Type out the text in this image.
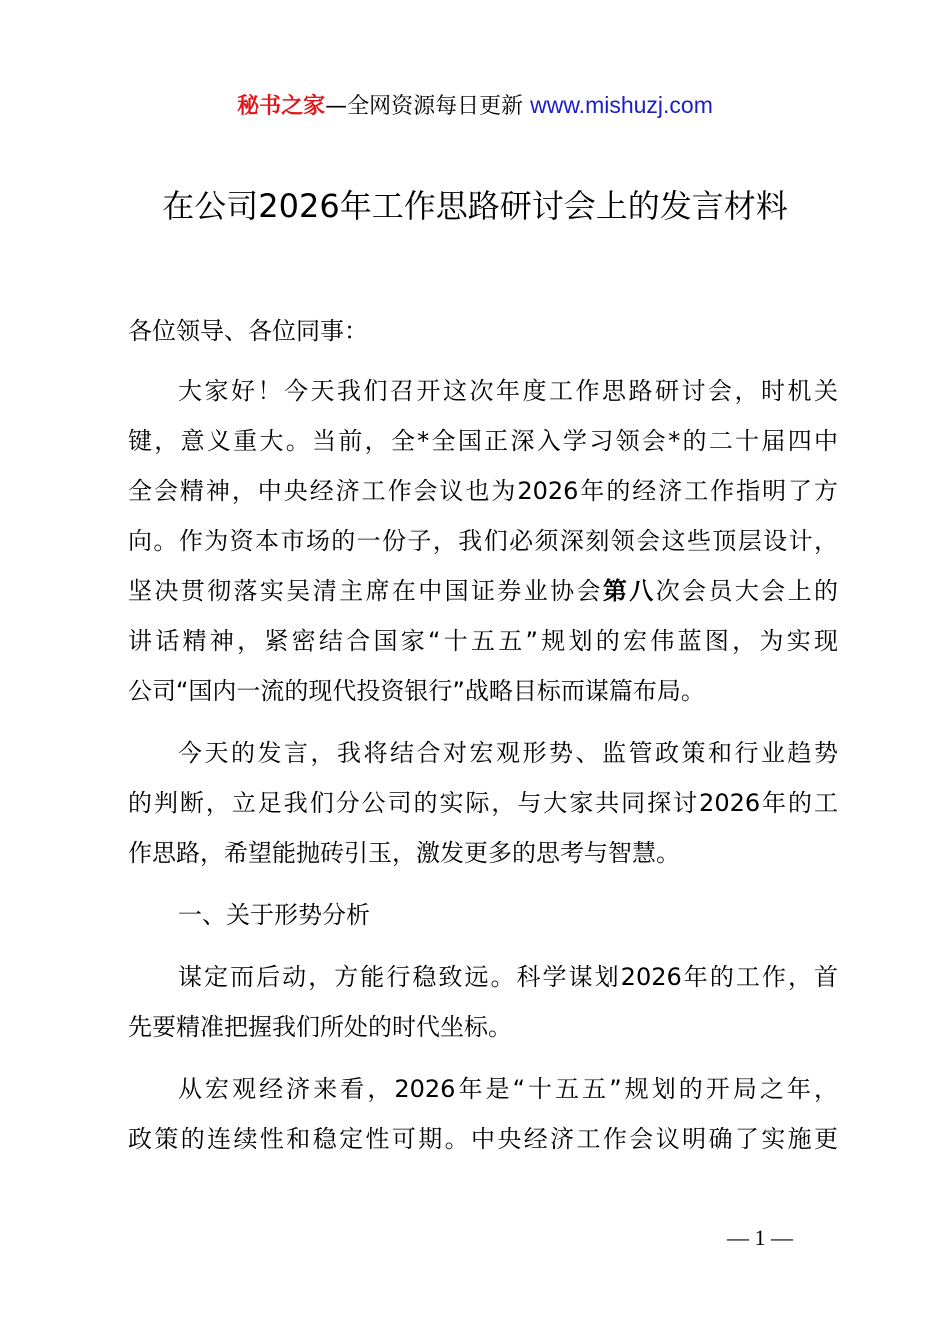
秘书之家—全网资源每日更新 www.mishuzj.com
在公司2026年工作思路研讨会上的发言材料
各位领导、各位同事：
大家好！今天我们召开这次年度工作思路研讨会，时机关
键，意义重大。当前，全*全国正深入学习领会*的二十届四中
全会精神，中央经济工作会议也为2026年的经济工作指明了方
向。作为资本市场的一份子，我们必须深刻领会这些顶层设计，
坚决贯彻落实吴清主席在中国证券业协会第八次会员大会上的
讲话精神，紧密结合国家“十五五”规划的宏伟蓝图，为实现
公司“国内一流的现代投资银行”战略目标而谋篇布局。
今天的发言，我将结合对宏观形势、监管政策和行业趋势
的判断，立足我们分公司的实际，与大家共同探讨2026年的工
作思路，希望能抛砖引玉，激发更多的思考与智慧。
一、关于形势分析
谋定而后动，方能行稳致远。科学谋划2026年的工作，首
先要精准把握我们所处的时代坐标。
从宏观经济来看，2026年是“十五五”规划的开局之年，
政策的连续性和稳定性可期。中央经济工作会议明确了实施更
— 1 —
